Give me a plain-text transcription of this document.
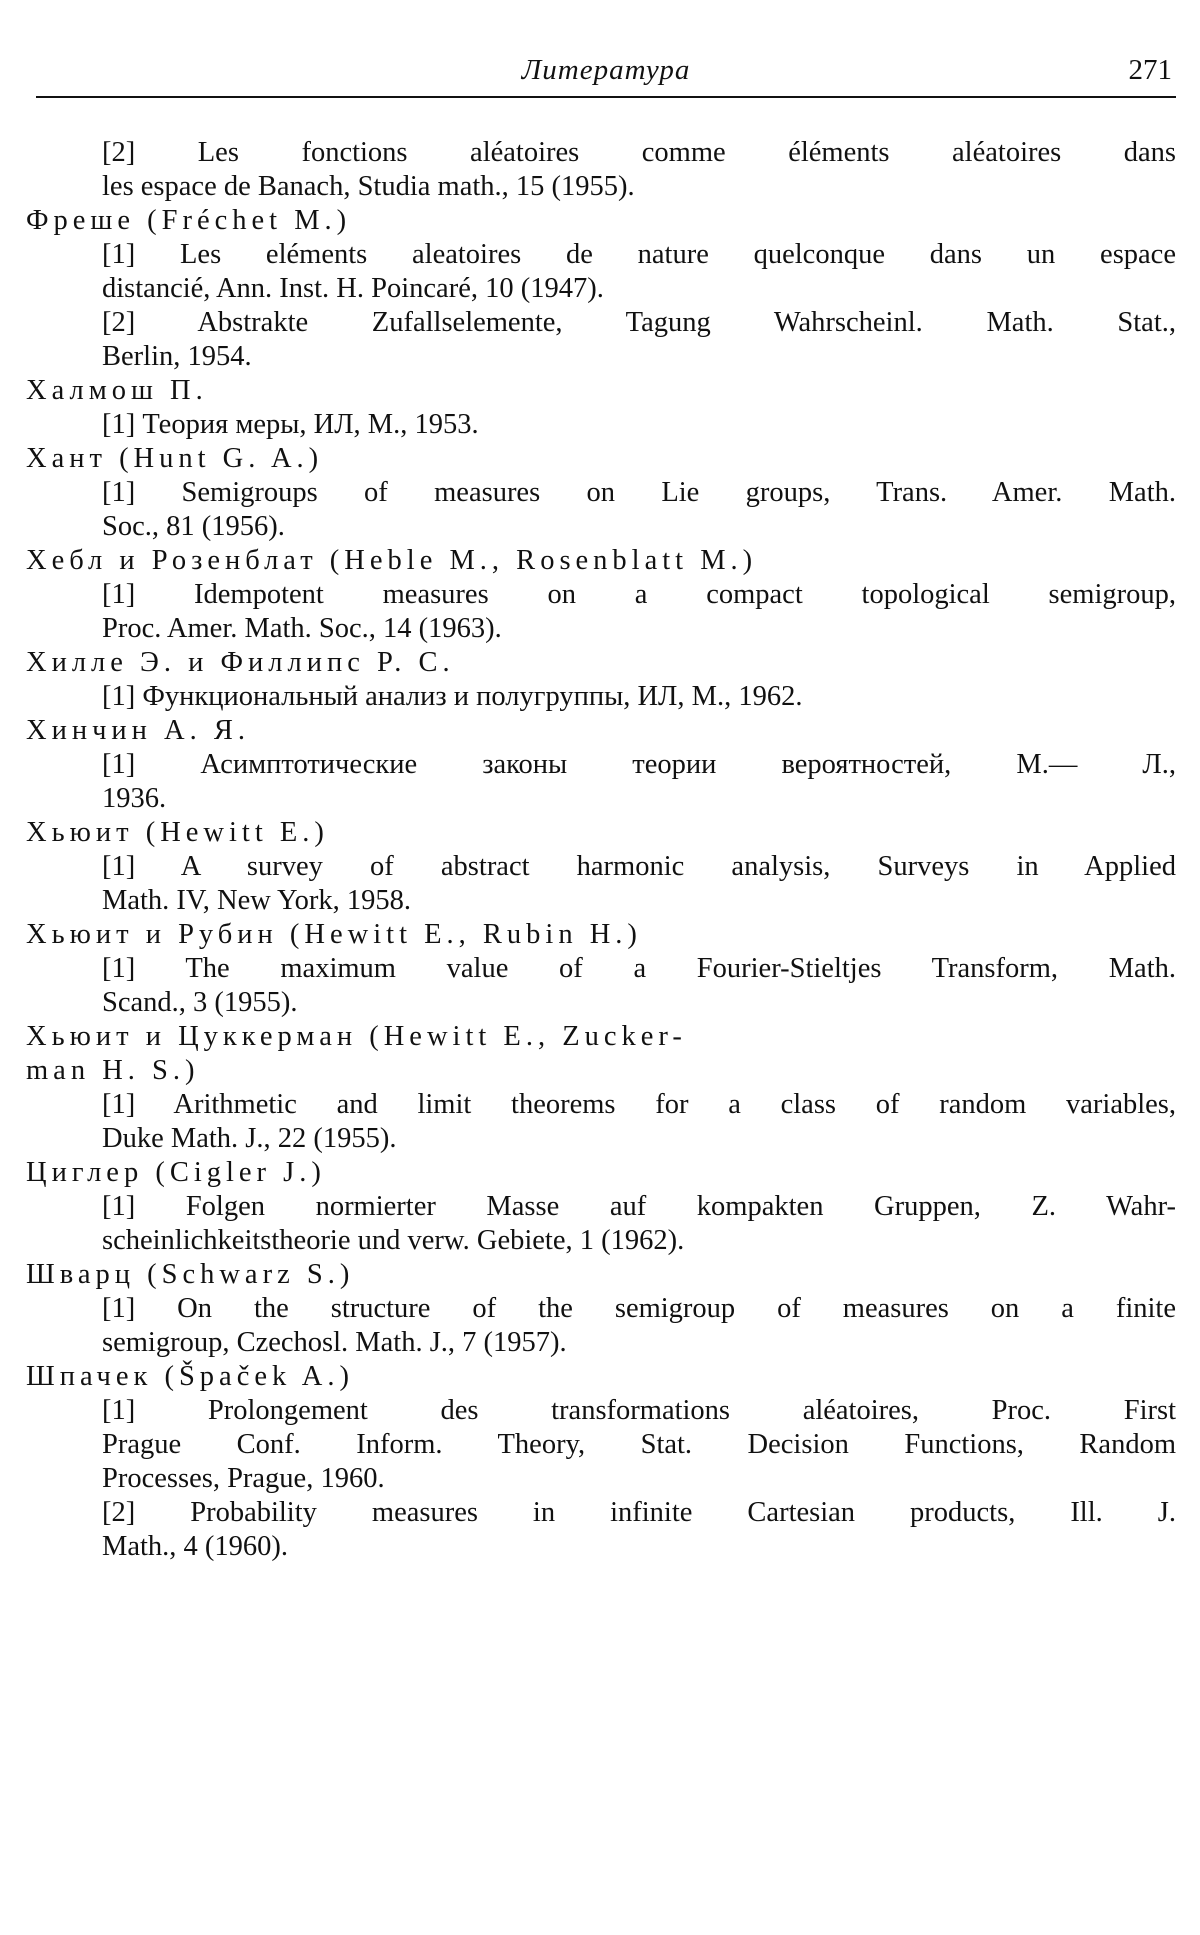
Литература	271
[2] Les fonctions aléatoires comme éléments aléatoires dans
les espace de Banach, Studia math., 15 (1955).
Фреше (Fréchet M.)
[1] Les eléments aleatoires de nature quelconque dans un espace
distancié, Ann. Inst. H. Poincaré, 10 (1947).
[2] Abstrakte Zufallselemente, Tagung Wahrscheinl. Math. Stat.,
Berlin, 1954.
Халмош П.
[1] Теория меры, ИЛ, М., 1953.
Хант (Hunt G. A.)
[1] Semigroups of measures on Lie groups, Trans. Amer. Math.
Soc., 81 (1956).
Хебл и Розенблат (Heble M., Rosenblatt M.)
[1] Idempotent measures on a compact topological semigroup,
Proc. Amer. Math. Soc., 14 (1963).
Хилле Э. и Филлипс Р. С.
[1] Функциональный анализ и полугруппы, ИЛ, М., 1962.
Хинчин А. Я.
[1] Асимптотические законы теории вероятностей, М.— Л.,
1936.
Хьюит (Hewitt E.)
[1] A survey of abstract harmonic analysis, Surveys in Applied
Math. IV, New York, 1958.
Хьюит и Рубин (Hewitt E., Rubin H.)
[1] The maximum value of a Fourier-Stieltjes Transform, Math.
Scand., 3 (1955).
Хьюит и Цуккерман (Hewitt E., Zucker-
man H. S.)
[1] Arithmetic and limit theorems for a class of random variables,
Duke Math. J., 22 (1955).
Циглер (Cigler J.)
[1] Folgen normierter Masse auf kompakten Gruppen, Z. Wahr-
scheinlichkeitstheorie und verw. Gebiete, 1 (1962).
Шварц (Schwarz S.)
[1] On the structure of the semigroup of measures on a finite
semigroup, Czechosl. Math. J., 7 (1957).
Шпачек (Špaček A.)
[1] Prolongement des transformations aléatoires, Proc. First
Prague Conf. Inform. Theory, Stat. Decision Functions, Random
Processes, Prague, 1960.
[2] Probability measures in infinite Cartesian products, Ill. J.
Math., 4 (1960).
